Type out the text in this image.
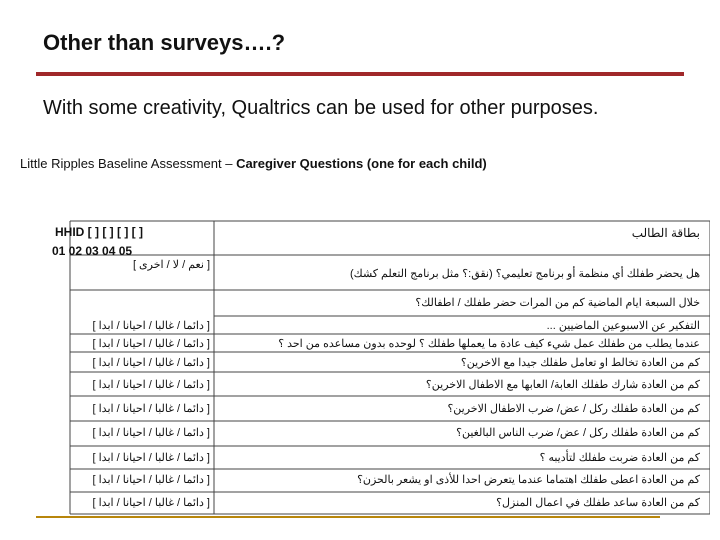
Other than surveys….?
With some creativity, Qualtrics can be used for other purposes.
Little Ripples Baseline Assessment – Caregiver Questions (one for each child)
HHID [ ] [ ] [ ] [ ]
01 02 03 04 05
بطاقة الطالب
هل يحضر طفلك أي منظمة أو برنامج تعليمي؟ (نقق:؟ مثل برنامج التعلم كشك)
[ نعم / لا / اخرى ]
خلال السبعة ايام الماضية كم من المرات حضر طفلك / اطفالك؟
التفكير عن الاسبوعين الماضيين ...
[ دائما / غالبا / احيانا / ابدا ]
عندما يطلب من طفلك عمل شيء كيف عادة ما يعملها طفلك ؟ لوحده بدون مساعده من احد ؟
[ دائما / غالبا / احيانا / ابدا ]
كم من العادة تخالط او تعامل طفلك جيدا مع الاخرين؟
[ دائما / غالبا / احيانا / ابدا ]
كم من العادة شارك طفلك العابة/ العابها مع الاطفال الاخرين؟
[ دائما / غالبا / احيانا / ابدا ]
كم من العادة طفلك ركل / عض/ ضرب الاطفال الاخرين؟
[ دائما / غالبا / احيانا / ابدا ]
كم من العادة طفلك ركل / عض/ ضرب الناس البالغين؟
[ دائما / غالبا / احيانا / ابدا ]
كم من العادة ضربت طفلك لتأديبه ؟
[ دائما / غالبا / احيانا / ابدا ]
كم من العادة اعطى طفلك اهتماما عندما يتعرض احدا للأذى او يشعر بالحزن؟
[ دائما / غالبا / احيانا / ابدا ]
كم من العادة ساعد طفلك في اعمال المنزل؟
[ دائما / غالبا / احيانا / ابدا ]
